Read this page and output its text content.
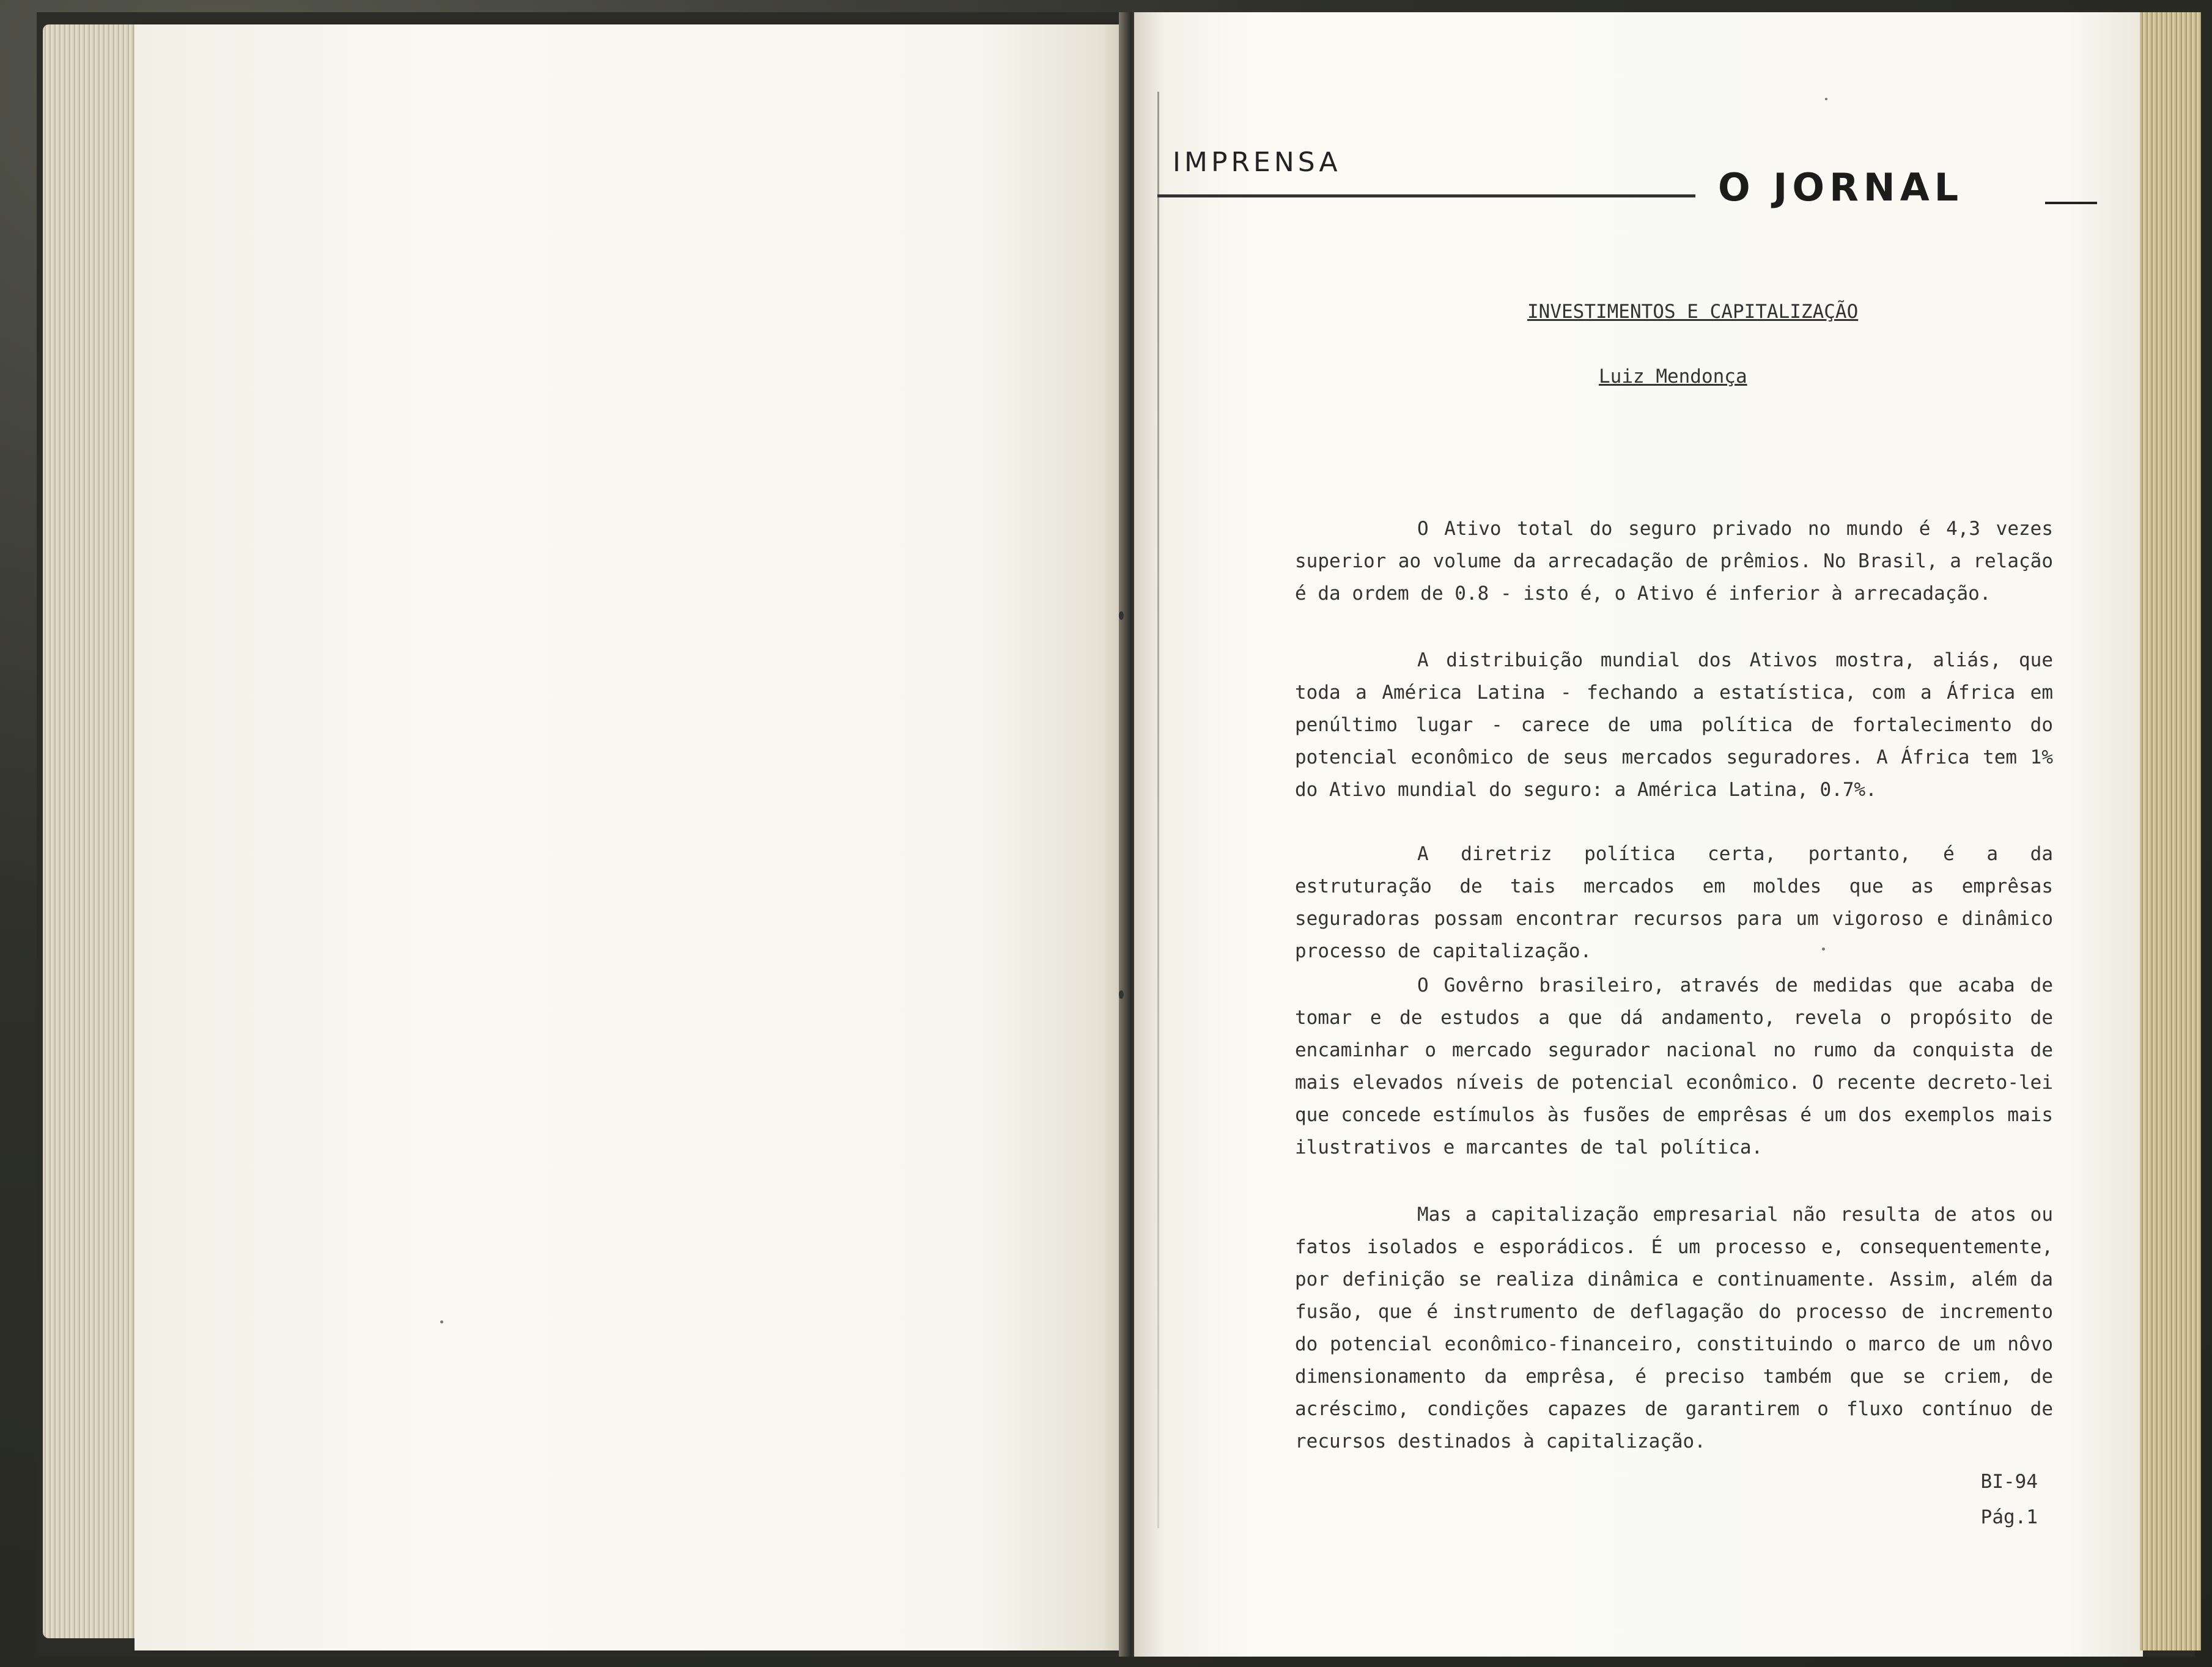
IMPRENSA
O JORNAL
INVESTIMENTOS E CAPITALIZAÇÃO
Luiz Mendonça

O Ativo total do seguro privado no mundo é 4,3 vezes superior ao volume da arrecadação de prêmios. No Brasil, a relação é da ordem de 0.8 - isto é, o Ativo é inferior à arrecadação.

A distribuição mundial dos Ativos mostra, aliás, que toda a América Latina - fechando a estatística, com a África em penúltimo lugar - carece de uma política de fortalecimento do potencial econômico de seus mercados seguradores. A África tem 1% do Ativo mundial do seguro: a América Latina, 0.7%.

A diretriz política certa, portanto, é a da estruturação de tais mercados em moldes que as emprêsas seguradoras possam encontrar recursos para um vigoroso e dinâmico processo de capitalização.

O Govêrno brasileiro, através de medidas que acaba de tomar e de estudos a que dá andamento, revela o propósito de encaminhar o mercado segurador nacional no rumo da conquista de mais elevados níveis de potencial econômico. O recente decreto-lei que concede estímulos às fusões de emprêsas é um dos exemplos mais ilustrativos e marcantes de tal política.

Mas a capitalização empresarial não resulta de atos ou fatos isolados e esporádicos. É um processo e, consequentemente, por definição se realiza dinâmica e continuamente. Assim, além da fusão, que é instrumento de deflagação do processo de incremento do potencial econômico-financeiro, constituindo o marco de um nôvo dimensionamento da emprêsa, é preciso também que se criem, de acréscimo, condições capazes de garantirem o fluxo contínuo de recursos destinados à capitalização.

BI-94
Pág.1
